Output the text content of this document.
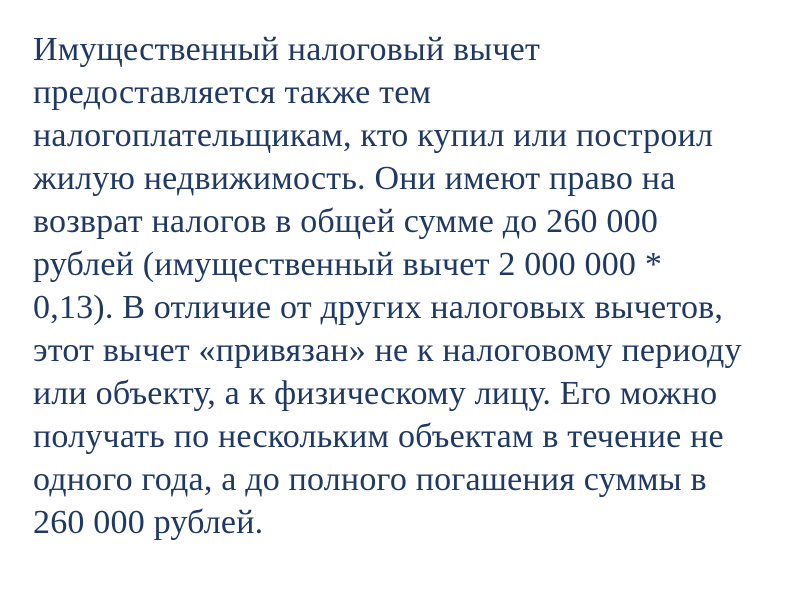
Имущественный налоговый вычет
предоставляется также тем
налогоплательщикам, кто купил или построил
жилую недвижимость. Они имеют право на
возврат налогов в общей сумме до 260 000
рублей (имущественный вычет 2 000 000 *
0,13). В отличие от других налоговых вычетов,
этот вычет «привязан» не к налоговому периоду
или объекту, а к физическому лицу. Его можно
получать по нескольким объектам в течение не
одного года, а до полного погашения суммы в
260 000 рублей.
